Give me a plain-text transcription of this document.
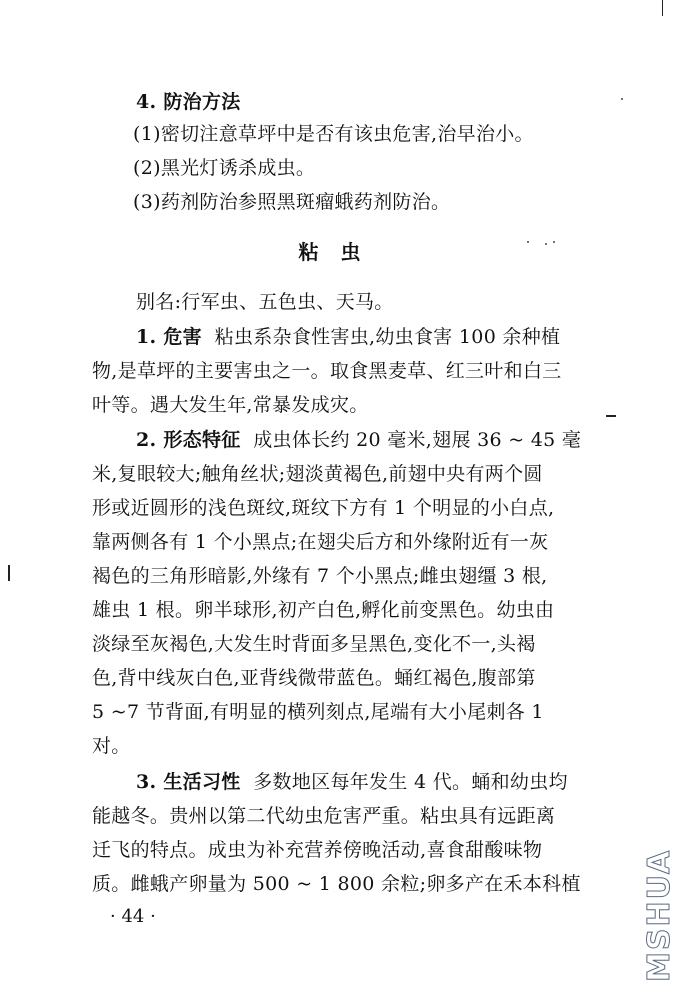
4. 防治方法
(1)密切注意草坪中是否有该虫危害,治早治小。
(2)黑光灯诱杀成虫。
(3)药剂防治参照黑斑瘤蛾药剂防治。
粘虫
别名:行军虫、五色虫、天马。
1. 危害 粘虫系杂食性害虫,幼虫食害 100 余种植
物,是草坪的主要害虫之一。取食黑麦草、红三叶和白三
叶等。遇大发生年,常暴发成灾。
2. 形态特征 成虫体长约 20 毫米,翅展 36 ~ 45 毫
米,复眼较大;触角丝状;翅淡黄褐色,前翅中央有两个圆
形或近圆形的浅色斑纹,斑纹下方有 1 个明显的小白点,
靠两侧各有 1 个小黑点;在翅尖后方和外缘附近有一灰
褐色的三角形暗影,外缘有 7 个小黑点;雌虫翅缰 3 根,
雄虫 1 根。卵半球形,初产白色,孵化前变黑色。幼虫由
淡绿至灰褐色,大发生时背面多呈黑色,变化不一,头褐
色,背中线灰白色,亚背线微带蓝色。蛹红褐色,腹部第
5 ~7 节背面,有明显的横列刻点,尾端有大小尾刺各 1
对。
3. 生活习性 多数地区每年发生 4 代。蛹和幼虫均
能越冬。贵州以第二代幼虫危害严重。粘虫具有远距离
迁飞的特点。成虫为补充营养傍晚活动,喜食甜酸味物
质。雌蛾产卵量为 500 ~ 1 800 余粒;卵多产在禾本科植
· 44 ·	MSHUA
